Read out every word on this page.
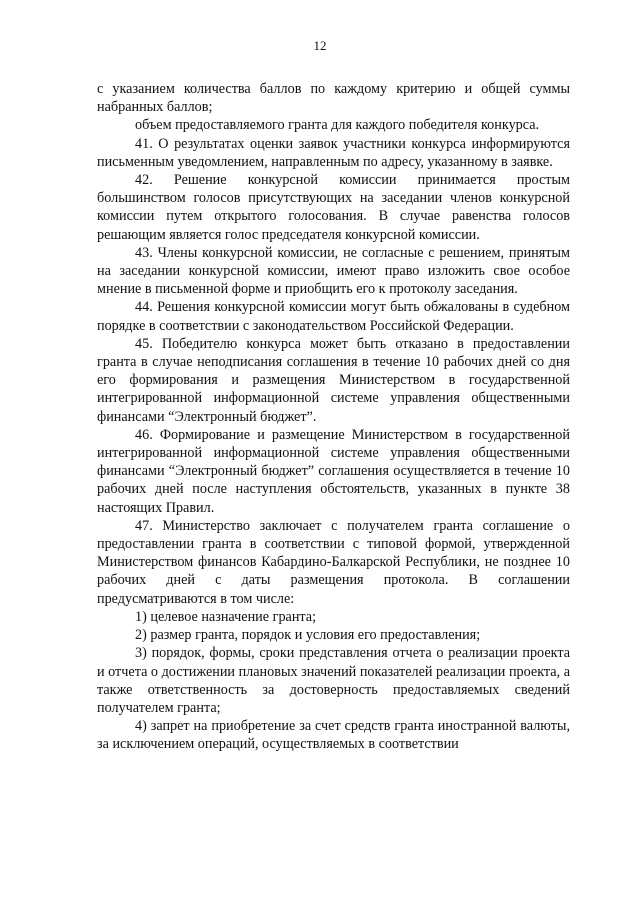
12

с указанием количества баллов по каждому критерию и общей суммы набранных баллов;

объем предоставляемого гранта для каждого победителя конкурса.

41. О результатах оценки заявок участники конкурса информируются письменным уведомлением, направленным по адресу, указанному в заявке.

42. Решение конкурсной комиссии принимается простым большинством голосов присутствующих на заседании членов конкурсной комиссии путем открытого голосования. В случае равенства голосов решающим является голос председателя конкурсной комиссии.

43. Члены конкурсной комиссии, не согласные с решением, принятым на заседании конкурсной комиссии, имеют право изложить свое особое мнение в письменной форме и приобщить его к протоколу заседания.

44. Решения конкурсной комиссии могут быть обжалованы в судебном порядке в соответствии с законодательством Российской Федерации.

45. Победителю конкурса может быть отказано в предоставлении гранта в случае неподписания соглашения в течение 10 рабочих дней со дня его формирования и размещения Министерством в государственной интегрированной информационной системе управления общественными финансами “Электронный бюджет”.

46. Формирование и размещение Министерством в государственной интегрированной информационной системе управления общественными финансами “Электронный бюджет” соглашения осуществляется в течение 10 рабочих дней после наступления обстоятельств, указанных в пункте 38 настоящих Правил.

47. Министерство заключает с получателем гранта соглашение о предоставлении гранта в соответствии с типовой формой, утвержденной Министерством финансов Кабардино-Балкарской Республики, не позднее 10 рабочих дней с даты размещения протокола. В соглашении предусматриваются в том числе:

1) целевое назначение гранта;

2) размер гранта, порядок и условия его предоставления;

3) порядок, формы, сроки представления отчета о реализации проекта и отчета о достижении плановых значений показателей реализации проекта, а также ответственность за достоверность предоставляемых сведений получателем гранта;

4) запрет на приобретение за счет средств гранта иностранной валюты, за исключением операций, осуществляемых в соответствии
